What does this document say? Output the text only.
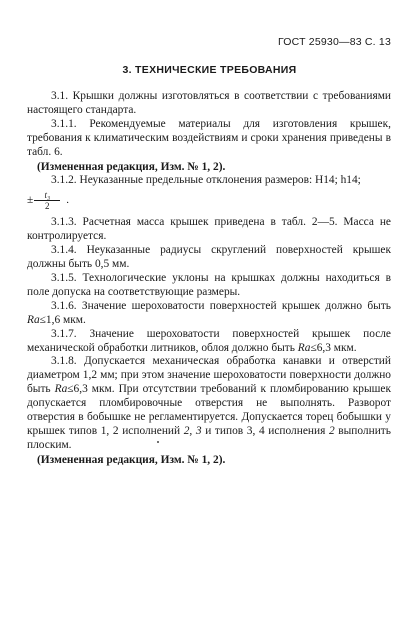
ГОСТ 25930—83 С. 13
3. ТЕХНИЧЕСКИЕ ТРЕБОВАНИЯ

3.1. Крышки должны изготовляться в соответствии с требованиями настоящего стандарта.

3.1.1. Рекомендуемые материалы для изготовления крышек, требования к климатическим воздействиям и сроки хранения приведены в табл. 6.

(Измененная редакция, Изм. № 1, 2).

3.1.2. Неуказанные предельные отклонения размеров: H14; h14;

± $\frac{\text{t₃}}{2}$ .

3.1.3. Расчетная масса крышек приведена в табл. 2—5. Масса не контролируется.

3.1.4. Неуказанные радиусы скруглений поверхностей крышек должны быть 0,5 мм.

3.1.5. Технологические уклоны на крышках должны находиться в поле допуска на соответствующие размеры.

3.1.6. Значение шероховатости поверхностей крышек должно быть Ra≤1,6 мкм.

3.1.7. Значение шероховатости поверхностей крышек после механической обработки литников, облоя должно быть Ra≤6,3 мкм.

3.1.8. Допускается механическая обработка канавки и отверстий диаметром 1,2 мм; при этом значение шероховатости поверхности должно быть Ra≤6,3 мкм. При отсутствии требований к пломбированию крышек допускается пломбировочные отверстия не выполнять. Разворот отверстия в бобышке не регламентируется. Допускается торец бобышки у крышек типов 1, 2 исполнений 2, 3 и типов 3, 4 исполнения 2 выполнить плоским.

(Измененная редакция, Изм. № 1, 2).
